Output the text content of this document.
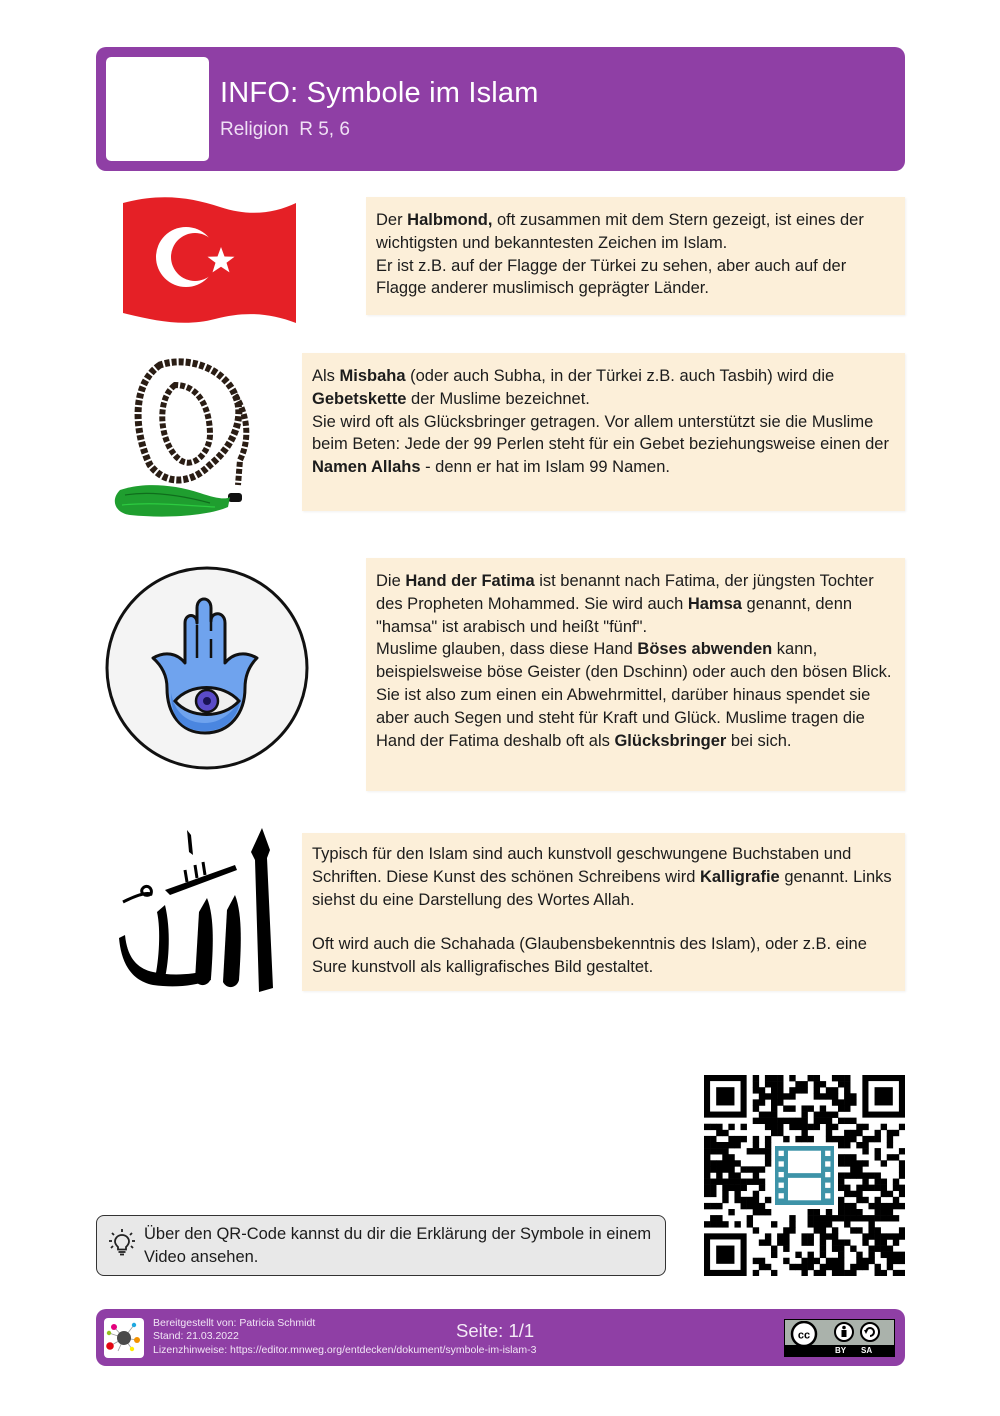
INFO: Symbole im Islam
Religion  R 5, 6

Der Halbmond, oft zusammen mit dem Stern gezeigt, ist eines der wichtigsten und bekanntesten Zeichen im Islam.

Er ist z.B. auf der Flagge der Türkei zu sehen, aber auch auf der Flagge anderer muslimisch geprägter Länder.

Als Misbaha (oder auch Subha, in der Türkei z.B. auch Tasbih) wird die Gebetskette der Muslime bezeichnet.

Sie wird oft als Glücksbringer getragen. Vor allem unterstützt sie die Muslime beim Beten: Jede der 99 Perlen steht für ein Gebet beziehungsweise einen der Namen Allahs - denn er hat im Islam 99 Namen.

Die Hand der Fatima ist benannt nach Fatima, der jüngsten Tochter des Propheten Mohammed. Sie wird auch Hamsa genannt, denn "hamsa" ist arabisch und heißt "fünf".

Muslime glauben, dass diese Hand Böses abwenden kann, beispielsweise böse Geister (den Dschinn) oder auch den bösen Blick. Sie ist also zum einen ein Abwehrmittel, darüber hinaus spendet sie aber auch Segen und steht für Kraft und Glück. Muslime tragen die Hand der Fatima deshalb oft als Glücksbringer bei sich.

Typisch für den Islam sind auch kunstvoll geschwungene Buchstaben und Schriften. Diese Kunst des schönen Schreibens wird Kalligrafie genannt. Links siehst du eine Darstellung des Wortes Allah.

Oft wird auch die Schahada (Glaubensbekenntnis des Islam), oder z.B. eine Sure kunstvoll als kalligrafisches Bild gestaltet.

Über den QR-Code kannst du dir die Erklärung der Symbole in einem Video ansehen.
Bereitgestellt von: Patricia Schmidt
Stand: 21.03.2022
Lizenzhinweise: https://editor.mnweg.org/entdecken/dokument/symbole-im-islam-3
Seite: 1/1	cc
BY SA
